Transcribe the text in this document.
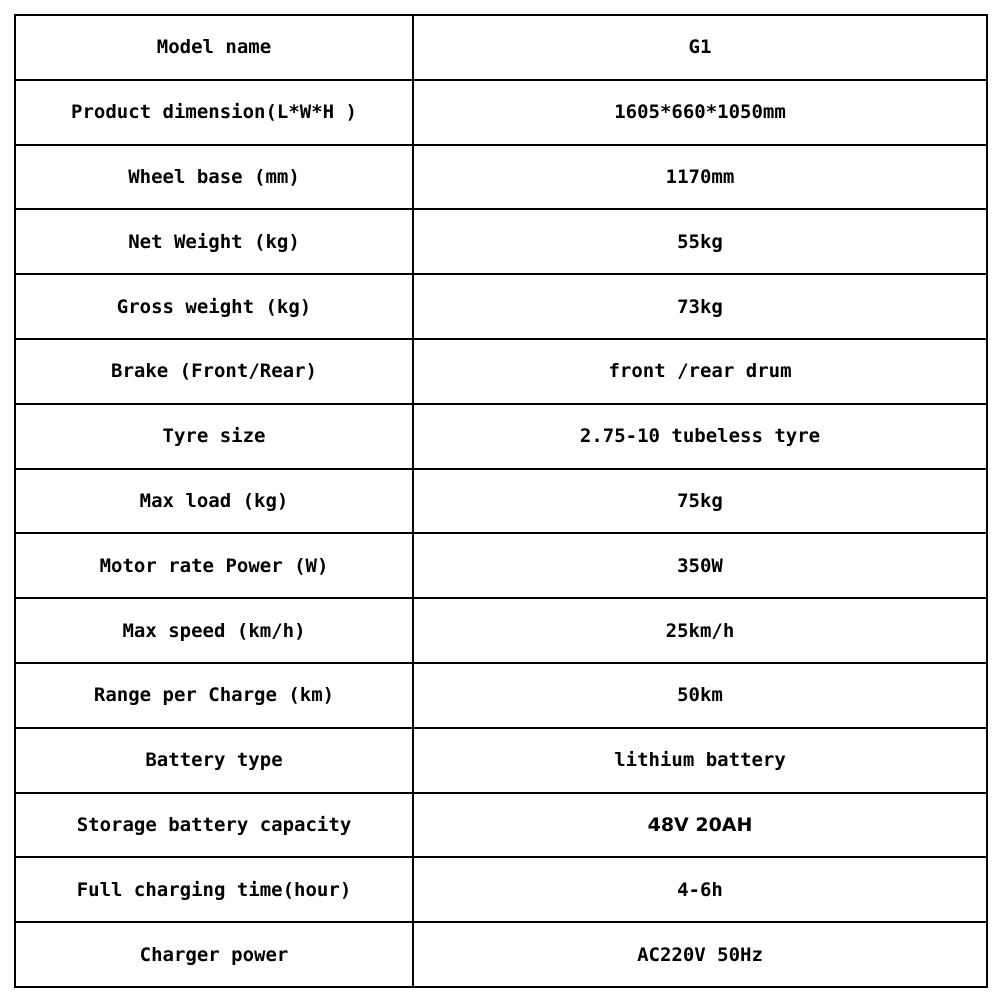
Model name	G1
Product dimension(L*W*H )	1605*660*1050mm
Wheel base (mm)	1170mm
Net Weight (kg)	55kg
Gross weight (kg)	73kg
Brake (Front/Rear)	front /rear drum
Tyre size	2.75-10 tubeless tyre
Max load (kg)	75kg
Motor rate Power (W)	350W
Max speed (km/h)	25km/h
Range per Charge (km)	50km
Battery type	lithium battery
Storage battery capacity	48V 20AH
Full charging time(hour)	4-6h
Charger power	AC220V 50Hz
